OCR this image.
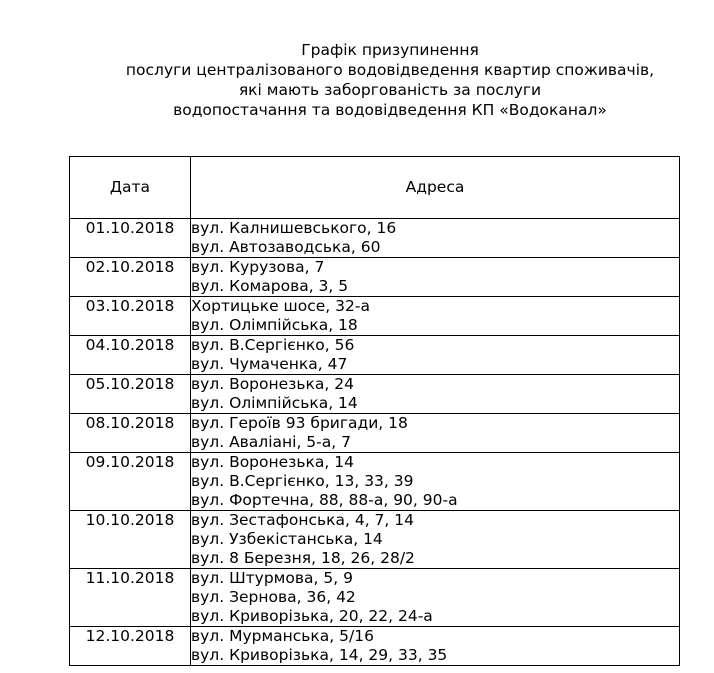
Графік призупинення
послуги централізованого водовідведення квартир споживачів,
які мають заборгованість за послуги
водопостачання та водовідведення КП «Водоканал»
Дата	Адреса
01.10.2018	вул. Калнишевського, 16
вул. Автозаводська, 60

02.10.2018	вул. Курузова, 7
вул. Комарова, 3, 5

03.10.2018	Хортицьке шосе, 32-а
вул. Олімпійська, 18

04.10.2018	вул. В.Сергієнко, 56
вул. Чумаченка, 47

05.10.2018	вул. Воронезька, 24
вул. Олімпійська, 14

08.10.2018	вул. Героїв 93 бригади, 18
вул. Аваліані, 5-а, 7

09.10.2018	вул. Воронезька, 14
вул. В.Сергієнко, 13, 33, 39
вул. Фортечна, 88, 88-а, 90, 90-а

10.10.2018	вул. Зестафонська, 4, 7, 14
вул. Узбекістанська, 14
вул. 8 Березня, 18, 26, 28/2

11.10.2018	вул. Штурмова, 5, 9
вул. Зернова, 36, 42
вул. Криворізька, 20, 22, 24-а

12.10.2018	вул. Мурманська, 5/16
вул. Криворізька, 14, 29, 33, 35
